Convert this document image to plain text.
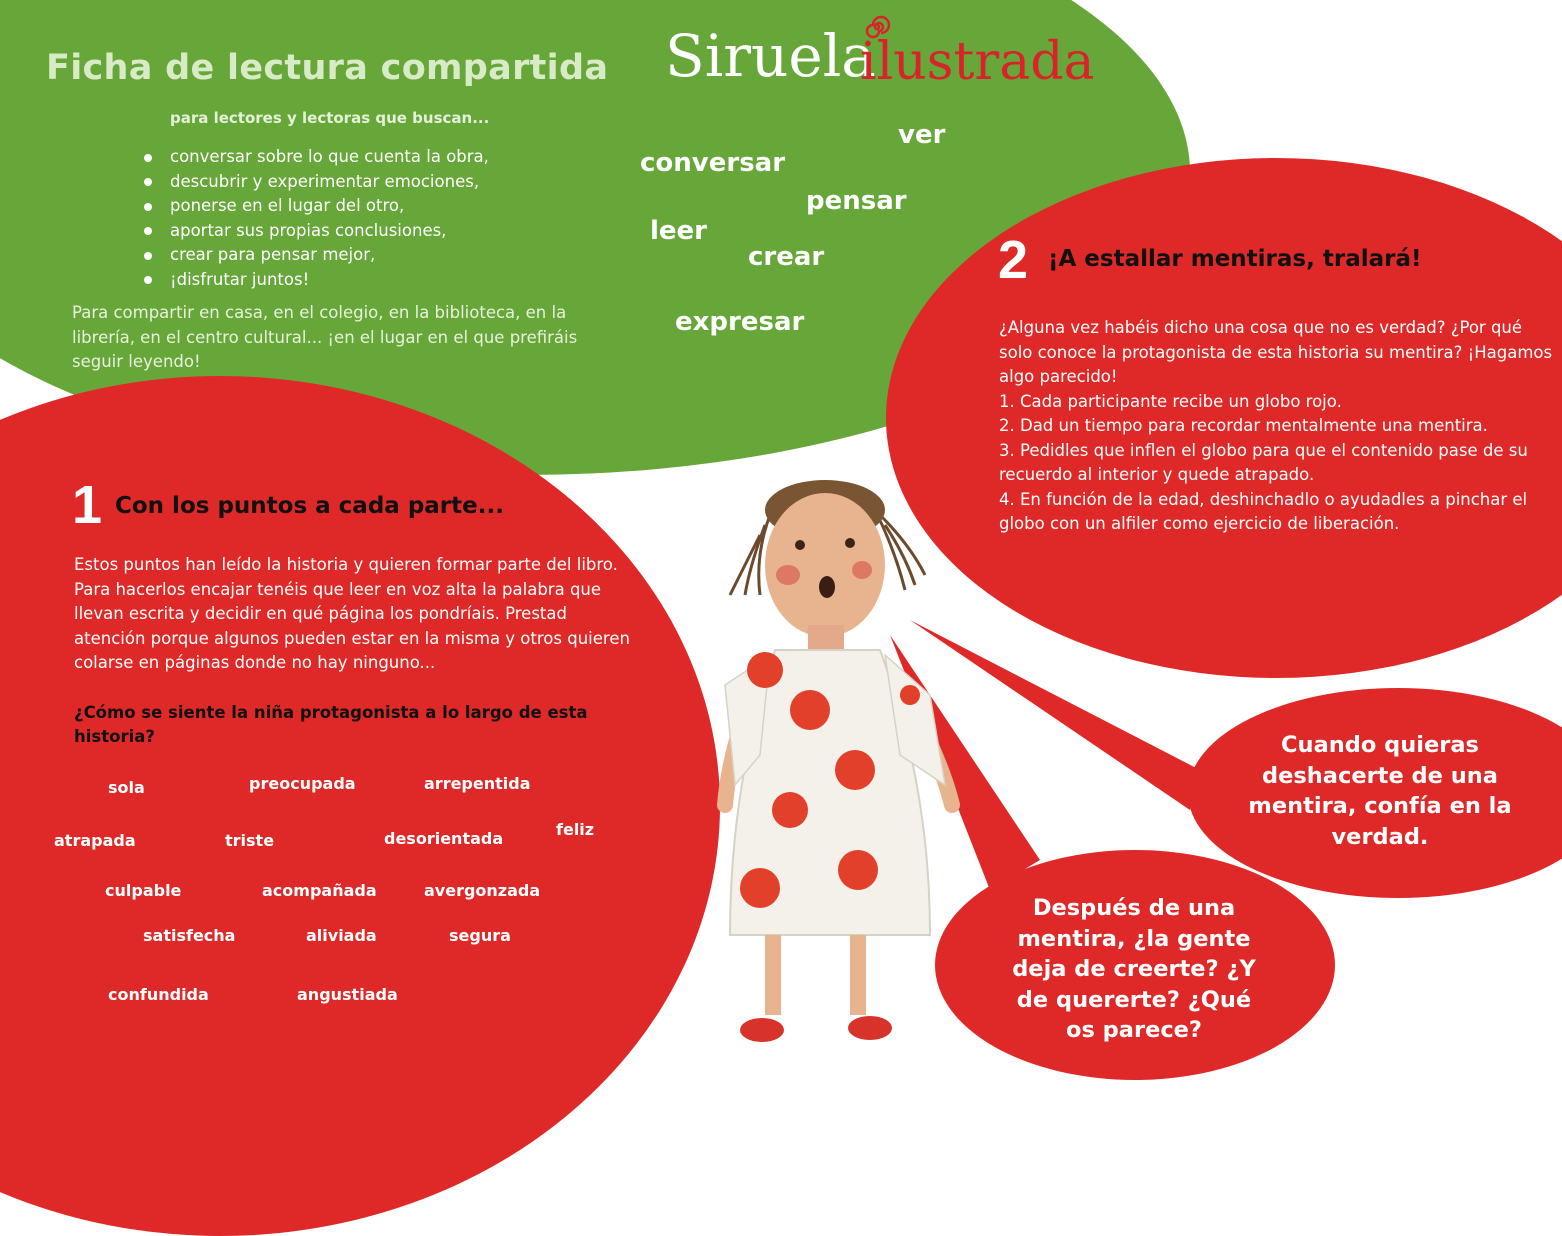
Ficha de lectura compartida Siruela
ilustrada
para lectores y lectoras que buscan...
conversar sobre lo que cuenta la obra,
descubrir y experimentar emociones,
ponerse en el lugar del otro,
aportar sus propias conclusiones,
crear para pensar mejor,
¡disfrutar juntos!
Para compartir en casa, en el colegio, en la biblioteca, en la librería, en el centro cultural... ¡en el lugar en el que prefiráis seguir leyendo!
ver
conversar
pensar
leer
crear
expresar
1 Con los puntos a cada parte...
Estos puntos han leído la historia y quieren formar parte del libro. Para hacerlos encajar tenéis que leer en voz alta la palabra que llevan escrita y decidir en qué página los pondríais. Prestad atención porque algunos pueden estar en la misma y otros quieren colarse en páginas donde no hay ninguno...
¿Cómo se siente la niña protagonista a lo largo de esta historia?
sola	preocupada	arrepentida
atrapada	triste	desorientada	feliz
culpable	acompañada	avergonzada
satisfecha	aliviada	segura
confundida	angustiada
2 ¡A estallar mentiras, tralará!
¿Alguna vez habéis dicho una cosa que no es verdad? ¿Por qué solo conoce la protagonista de esta historia su mentira? ¡Hagamos algo parecido!
1. Cada participante recibe un globo rojo.
2. Dad un tiempo para recordar mentalmente una mentira.
3. Pedidles que inflen el globo para que el contenido pase de su recuerdo al interior y quede atrapado.
4. En función de la edad, deshinchadlo o ayudadles a pinchar el globo con un alfiler como ejercicio de liberación.
Cuando quieras deshacerte de una mentira, confía en la verdad.
Después de una mentira, ¿la gente deja de creerte? ¿Y de quererte? ¿Qué os parece?
